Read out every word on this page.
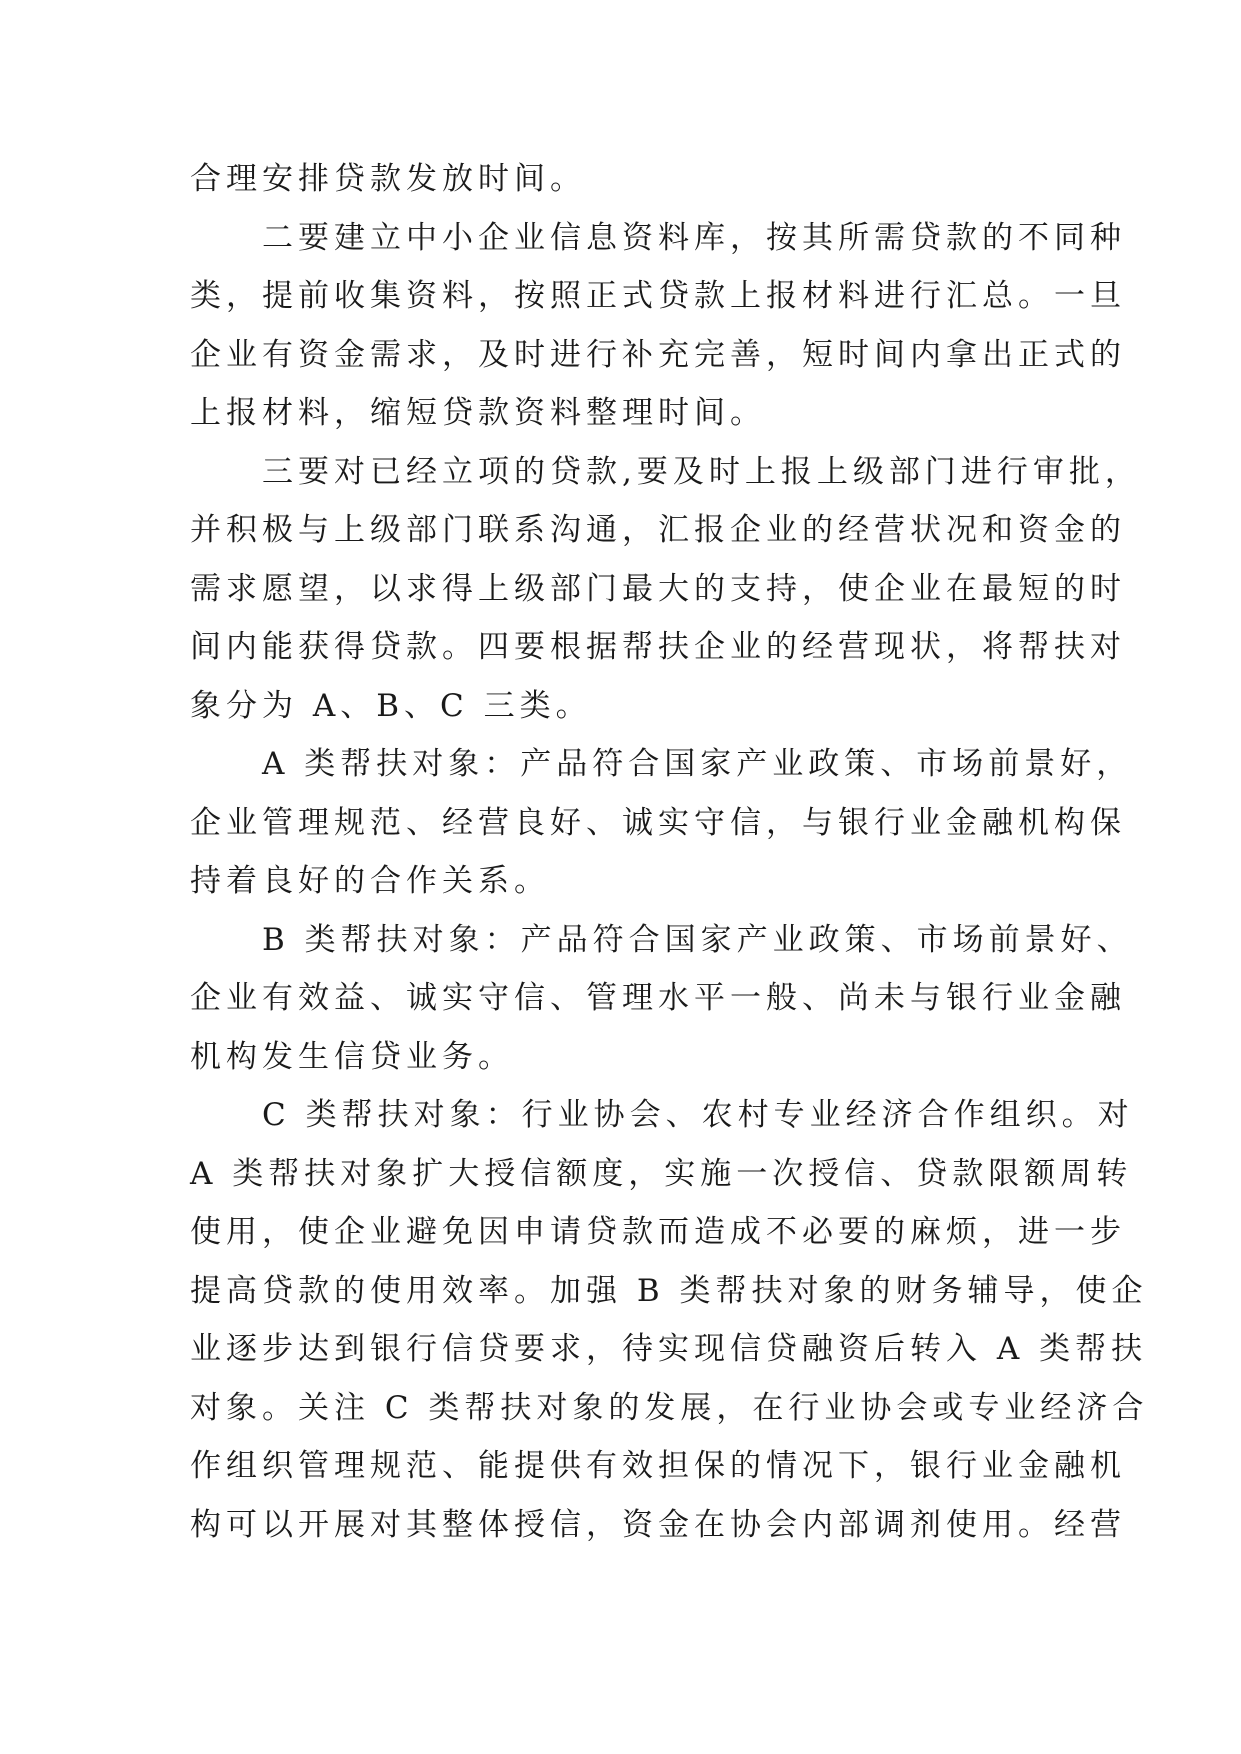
合理安排贷款发放时间。
　　二要建立中小企业信息资料库，按其所需贷款的不同种
类，提前收集资料，按照正式贷款上报材料进行汇总。一旦
企业有资金需求，及时进行补充完善，短时间内拿出正式的
上报材料，缩短贷款资料整理时间。
　　三要对已经立项的贷款,要及时上报上级部门进行审批，
并积极与上级部门联系沟通，汇报企业的经营状况和资金的
需求愿望，以求得上级部门最大的支持，使企业在最短的时
间内能获得贷款。四要根据帮扶企业的经营现状，将帮扶对
象分为 A、B、C 三类。
　　A 类帮扶对象：产品符合国家产业政策、市场前景好，
企业管理规范、经营良好、诚实守信，与银行业金融机构保
持着良好的合作关系。
　　B 类帮扶对象：产品符合国家产业政策、市场前景好、
企业有效益、诚实守信、管理水平一般、尚未与银行业金融
机构发生信贷业务。
　　C 类帮扶对象：行业协会、农村专业经济合作组织。对
A 类帮扶对象扩大授信额度，实施一次授信、贷款限额周转
使用，使企业避免因申请贷款而造成不必要的麻烦，进一步
提高贷款的使用效率。加强 B 类帮扶对象的财务辅导，使企
业逐步达到银行信贷要求，待实现信贷融资后转入 A 类帮扶
对象。关注 C 类帮扶对象的发展，在行业协会或专业经济合
作组织管理规范、能提供有效担保的情况下，银行业金融机
构可以开展对其整体授信，资金在协会内部调剂使用。经营
